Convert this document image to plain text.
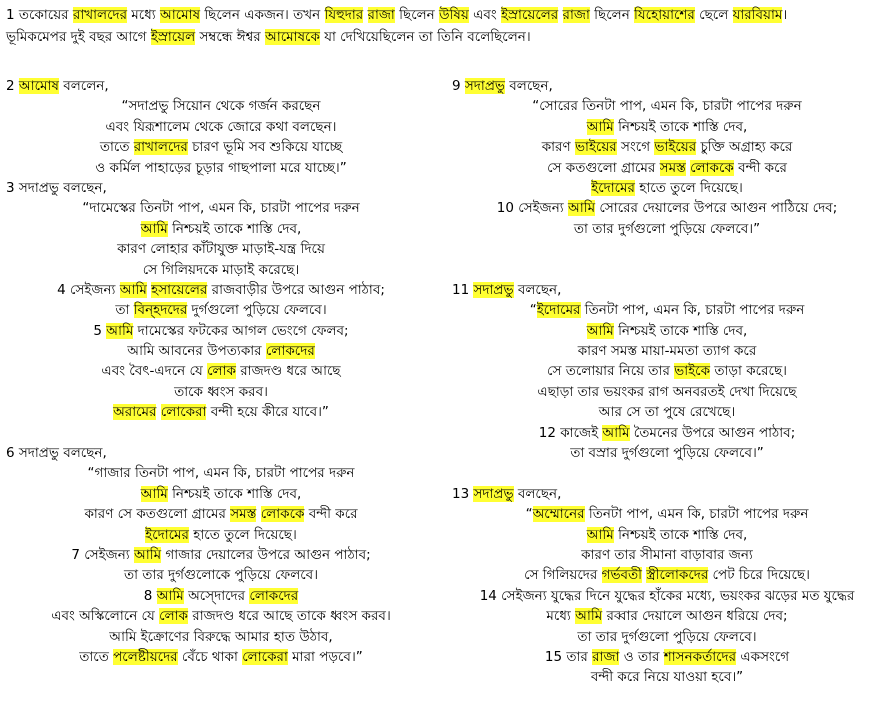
1 তকোয়ের রাখালদের মধ্যে আমোষ ছিলেন একজন। তখন যিহুদার রাজা ছিলেন উষিয় এবং ইস্রায়েলের রাজা ছিলেন যিহোয়াশের ছেলে যারবিয়াম।
ভূমিকমেপর দুই বছর আগে ইস্রায়েল সম্বন্ধে ঈশ্বর আমোষকে যা দেখিয়েছিলেন তা তিনি বলেছিলেন।
2 আমোষ বললেন,
“সদাপ্রভু সিয়োন থেকে গর্জন করছেন
এবং যিরূশালেম থেকে জোরে কথা বলছেন।
তাতে রাখালদের চারণ ভূমি সব শুকিয়ে যাচ্ছে
ও কর্মিল পাহাড়ের চূড়ার গাছপালা মরে যাচ্ছে।”
3 সদাপ্রভু বলছেন,
“দামেস্কের তিনটা পাপ, এমন কি, চারটা পাপের দরুন
আমি নিশ্চয়ই তাকে শাস্তি দেব,
কারণ লোহার কাঁটাযুক্ত মাড়াই-যন্ত্র দিয়ে
সে গিলিয়দকে মাড়াই করেছে।
4 সেইজন্য আমি হসায়েলের রাজবাড়ীর উপরে আগুন পাঠাব;
তা বিন্হদদের দুর্গগুলো পুড়িয়ে ফেলবে।
5 আমি দামেস্কের ফটকের আগল ভেংগে ফেলব;
আমি আবনের উপত্যকার লোকদের
এবং বৈৎ-এদনে যে লোক রাজদণ্ড ধরে আছে
তাকে ধ্বংস করব।
অরামের লোকেরা বন্দী হয়ে কীরে যাবে।”
6 সদাপ্রভু বলছেন,
“গাজার তিনটা পাপ, এমন কি, চারটা পাপের দরুন
আমি নিশ্চয়ই তাকে শাস্তি দেব,
কারণ সে কতগুলো গ্রামের সমস্ত লোককে বন্দী করে
ইদোমের হাতে তুলে দিয়েছে।
7 সেইজন্য আমি গাজার দেয়ালের উপরে আগুন পাঠাব;
তা তার দুর্গগুলোকে পুড়িয়ে ফেলবে।
8 আমি অস্দোদের লোকদের
এবং অস্কিলোনে যে লোক রাজদণ্ড ধরে আছে তাকে ধ্বংস করব।
আমি ইক্রোণের বিরুদ্ধে আমার হাত উঠাব,
তাতে পলেষ্টীয়দের বেঁচে থাকা লোকেরা মারা পড়বে।”
9 সদাপ্রভু বলছেন,
“সোরের তিনটা পাপ, এমন কি, চারটা পাপের দরুন
আমি নিশ্চয়ই তাকে শাস্তি দেব,
কারণ ভাইয়ের সংগে ভাইয়ের চুক্তি অগ্রাহ্য করে
সে কতগুলো গ্রামের সমস্ত লোককে বন্দী করে
ইদোমের হাতে তুলে দিয়েছে।
10 সেইজন্য আমি সোরের দেয়ালের উপরে আগুন পাঠিয়ে দেব;
তা তার দুর্গগুলো পুড়িয়ে ফেলবে।”
11 সদাপ্রভু বলছেন,
“ইদোমের তিনটা পাপ, এমন কি, চারটা পাপের দরুন
আমি নিশ্চয়ই তাকে শাস্তি দেব,
কারণ সমস্ত মায়া-মমতা ত্যাগ করে
সে তলোয়ার নিয়ে তার ভাইকে তাড়া করেছে।
এছাড়া তার ভয়ংকর রাগ অনবরতই দেখা দিয়েছে
আর সে তা পুষে রেখেছে।
12 কাজেই আমি তৈমনের উপরে আগুন পাঠাব;
তা বস্রার দুর্গগুলো পুড়িয়ে ফেলবে।”
13 সদাপ্রভু বলছেন,
“অম্মোনের তিনটা পাপ, এমন কি, চারটা পাপের দরুন
আমি নিশ্চয়ই তাকে শাস্তি দেব,
কারণ তার সীমানা বাড়াবার জন্য
সে গিলিয়দের গর্ভবতী স্ত্রীলোকদের পেট চিরে দিয়েছে।
14 সেইজন্য যুদ্ধের দিনে যুদ্ধের হাঁকের মধ্যে, ভয়ংকর ঝড়ের মত যুদ্ধের
মধ্যে আমি রব্বার দেয়ালে আগুন ধরিয়ে দেব;
তা তার দুর্গগুলো পুড়িয়ে ফেলবে।
15 তার রাজা ও তার শাসনকর্তাদের একসংগে
বন্দী করে নিয়ে যাওয়া হবে।”
